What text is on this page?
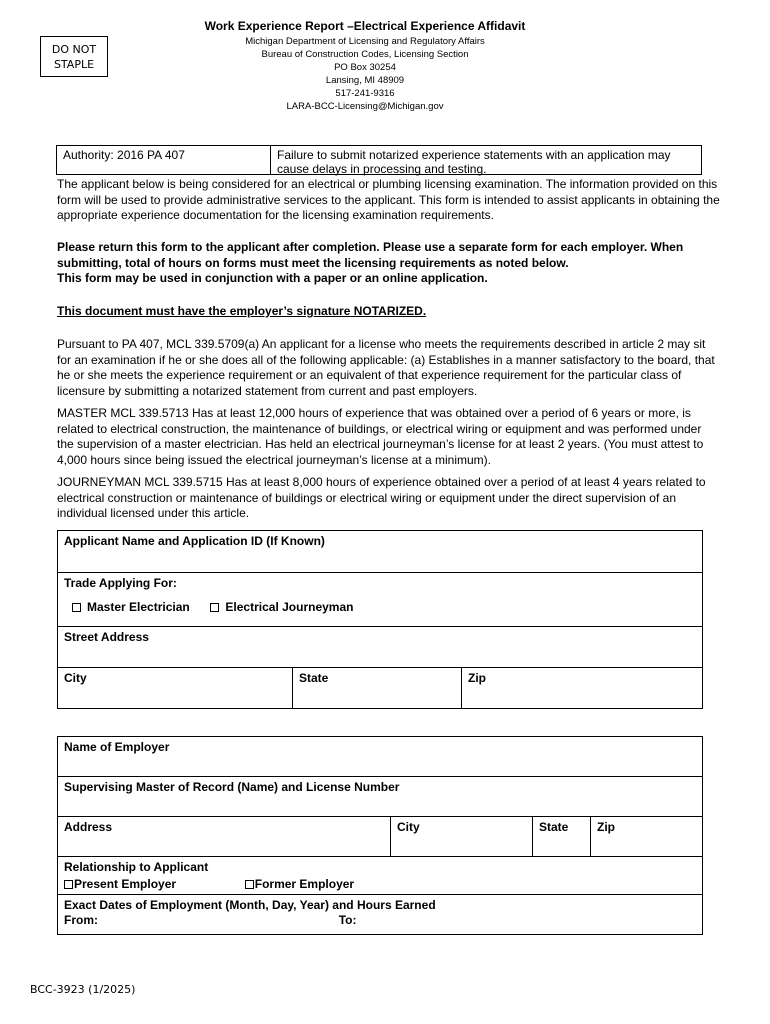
DO NOT
STAPLE
Work Experience Report –Electrical Experience Affidavit
Michigan Department of Licensing and Regulatory Affairs
Bureau of Construction Codes, Licensing Section
PO Box 30254
Lansing, MI 48909
517-241-9316
LARA-BCC-Licensing@Michigan.gov
Authority: 2016 PA 407	Failure to submit notarized experience statements with an application may cause delays in processing and testing.
The applicant below is being considered for an electrical or plumbing licensing examination. The information provided on this form will be used to provide administrative services to the applicant. This form is intended to assist applicants in obtaining the appropriate experience documentation for the licensing examination requirements.
Please return this form to the applicant after completion. Please use a separate form for each employer. When submitting, total of hours on forms must meet the licensing requirements as noted below.
This form may be used in conjunction with a paper or an online application.
This document must have the employer’s signature NOTARIZED.
Pursuant to PA 407, MCL 339.5709(a) An applicant for a license who meets the requirements described in article 2 may sit for an examination if he or she does all of the following applicable: (a) Establishes in a manner satisfactory to the board, that he or she meets the experience requirement or an equivalent of that experience requirement for the particular class of licensure by submitting a notarized statement from current and past employers.
MASTER MCL 339.5713 Has at least 12,000 hours of experience that was obtained over a period of 6 years or more, is related to electrical construction, the maintenance of buildings, or electrical wiring or equipment and was performed under the supervision of a master electrician. Has held an electrical journeyman’s license for at least 2 years. (You must attest to 4,000 hours since being issued the electrical journeyman’s license at a minimum).
JOURNEYMAN MCL 339.5715 Has at least 8,000 hours of experience obtained over a period of at least 4 years related to electrical construction or maintenance of buildings or electrical wiring or equipment under the direct supervision of an individual licensed under this article.
Applicant Name and Application ID (If Known)

Trade Applying For:
Master Electrician	Electrical Journeyman

Street Address
City	State	Zip
Name of Employer
Supervising Master of Record (Name) and License Number
Address	City	State	Zip

Relationship to Applicant
Present Employer	Former Employer

Exact Dates of Employment (Month, Day, Year) and Hours Earned
From:	To:
BCC-3923 (1/2025)
